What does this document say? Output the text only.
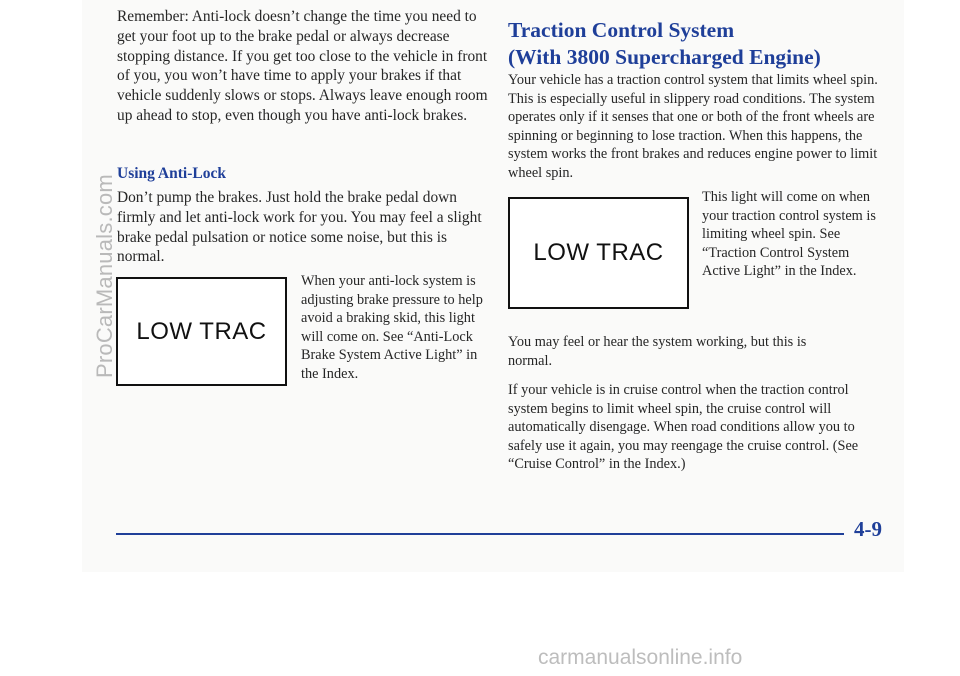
Remember: Anti-lock doesn’t change the time you need to get your foot up to the brake pedal or always decrease stopping distance. If you get too close to the vehicle in front of you, you won’t have time to apply your brakes if that vehicle suddenly slows or stops. Always leave enough room up ahead to stop, even though you have anti-lock brakes.

Using Anti-Lock

Don’t pump the brakes. Just hold the brake pedal down firmly and let anti-lock work for you. You may feel a slight brake pedal pulsation or notice some noise, but this is normal.

LOW TRAC

When your anti-lock system is adjusting brake pressure to help avoid a braking skid, this light will come on. See “Anti-Lock Brake System Active Light” in the Index.

Traction Control System
(With 3800 Supercharged Engine)

Your vehicle has a traction control system that limits wheel spin. This is especially useful in slippery road conditions. The system operates only if it senses that one or both of the front wheels are spinning or beginning to lose traction. When this happens, the system works the front brakes and reduces engine power to limit wheel spin.

LOW TRAC

This light will come on when your traction control system is limiting wheel spin. See “Traction Control System Active Light” in the Index.

You may feel or hear the system working, but this is normal.

If your vehicle is in cruise control when the traction control system begins to limit wheel spin, the cruise control will automatically disengage. When road conditions allow you to safely use it again, you may reengage the cruise control. (See “Cruise Control” in the Index.)

4-9

ProCarManuals.com
carmanualsonline.info
